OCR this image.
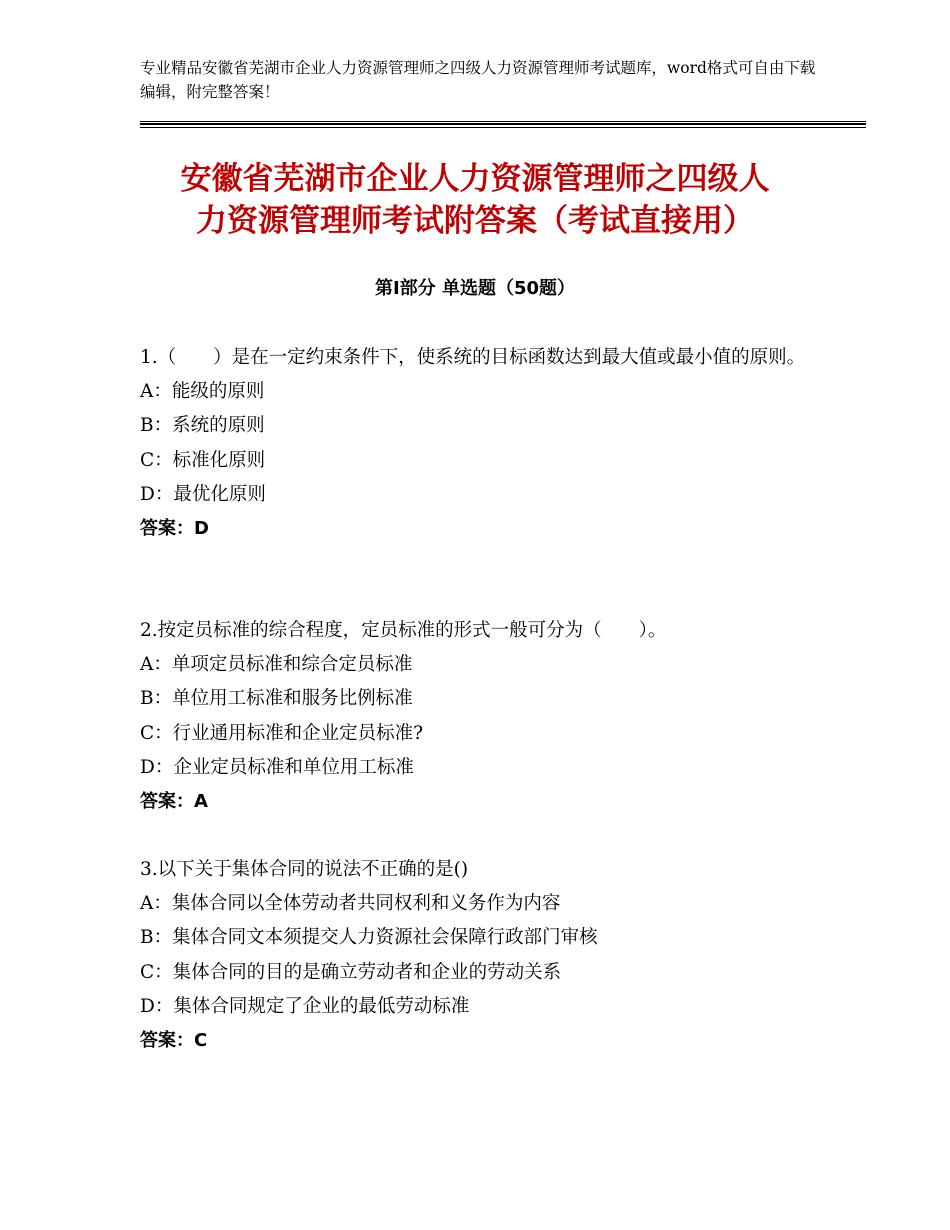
专业精品安徽省芜湖市企业人力资源管理师之四级人力资源管理师考试题库，word格式可自由下载编辑，附完整答案！
安徽省芜湖市企业人力资源管理师之四级人
力资源管理师考试附答案（考试直接用）
第Ⅰ部分 单选题（50题）
1.（　　）是在一定约束条件下，使系统的目标函数达到最大值或最小值的原则。
A：能级的原则
B：系统的原则
C：标准化原则
D：最优化原则
答案：D
2.按定员标准的综合程度，定员标准的形式一般可分为（　　）。
A：单项定员标准和综合定员标准
B：单位用工标准和服务比例标准
C：行业通用标准和企业定员标准?
D：企业定员标准和单位用工标准
答案：A
3.以下关于集体合同的说法不正确的是()
A：集体合同以全体劳动者共同权利和义务作为内容
B：集体合同文本须提交人力资源社会保障行政部门审核
C：集体合同的目的是确立劳动者和企业的劳动关系
D：集体合同规定了企业的最低劳动标准
答案：C
